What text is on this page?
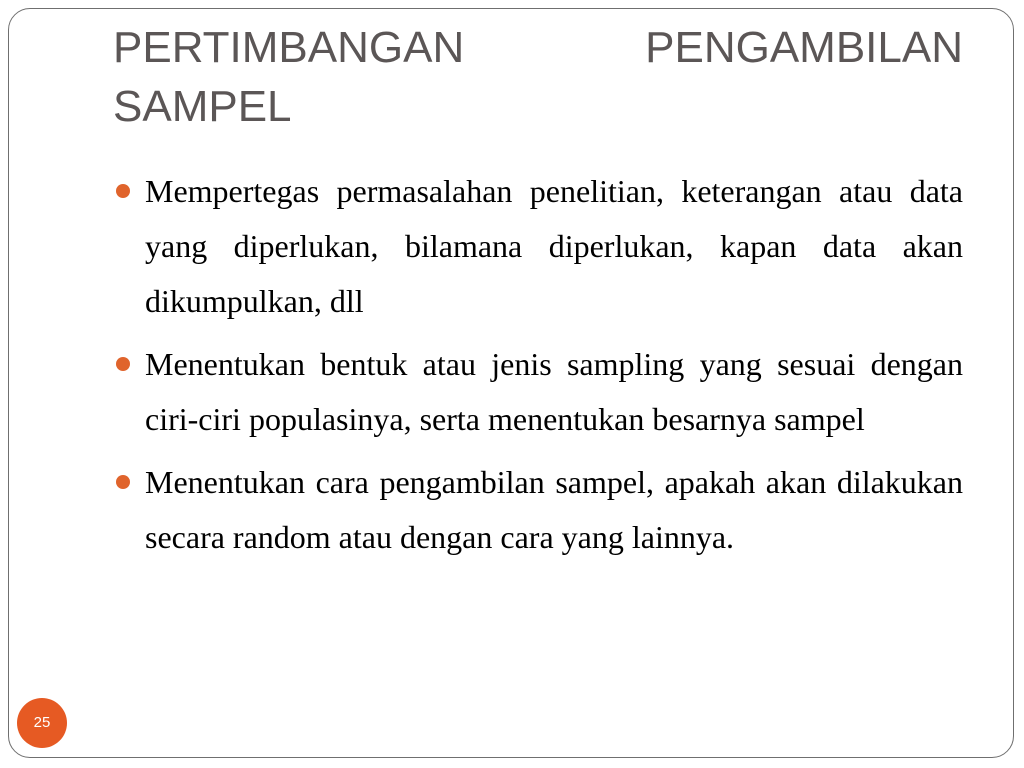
PERTIMBANGAN PENGAMBILAN SAMPEL
Mempertegas permasalahan penelitian, keterangan atau data yang diperlukan, bilamana diperlukan, kapan data akan dikumpulkan, dll
Menentukan bentuk atau jenis sampling yang sesuai dengan ciri-ciri populasinya, serta menentukan besarnya sampel
Menentukan cara pengambilan sampel, apakah akan dilakukan secara random atau dengan cara yang lainnya.
25
